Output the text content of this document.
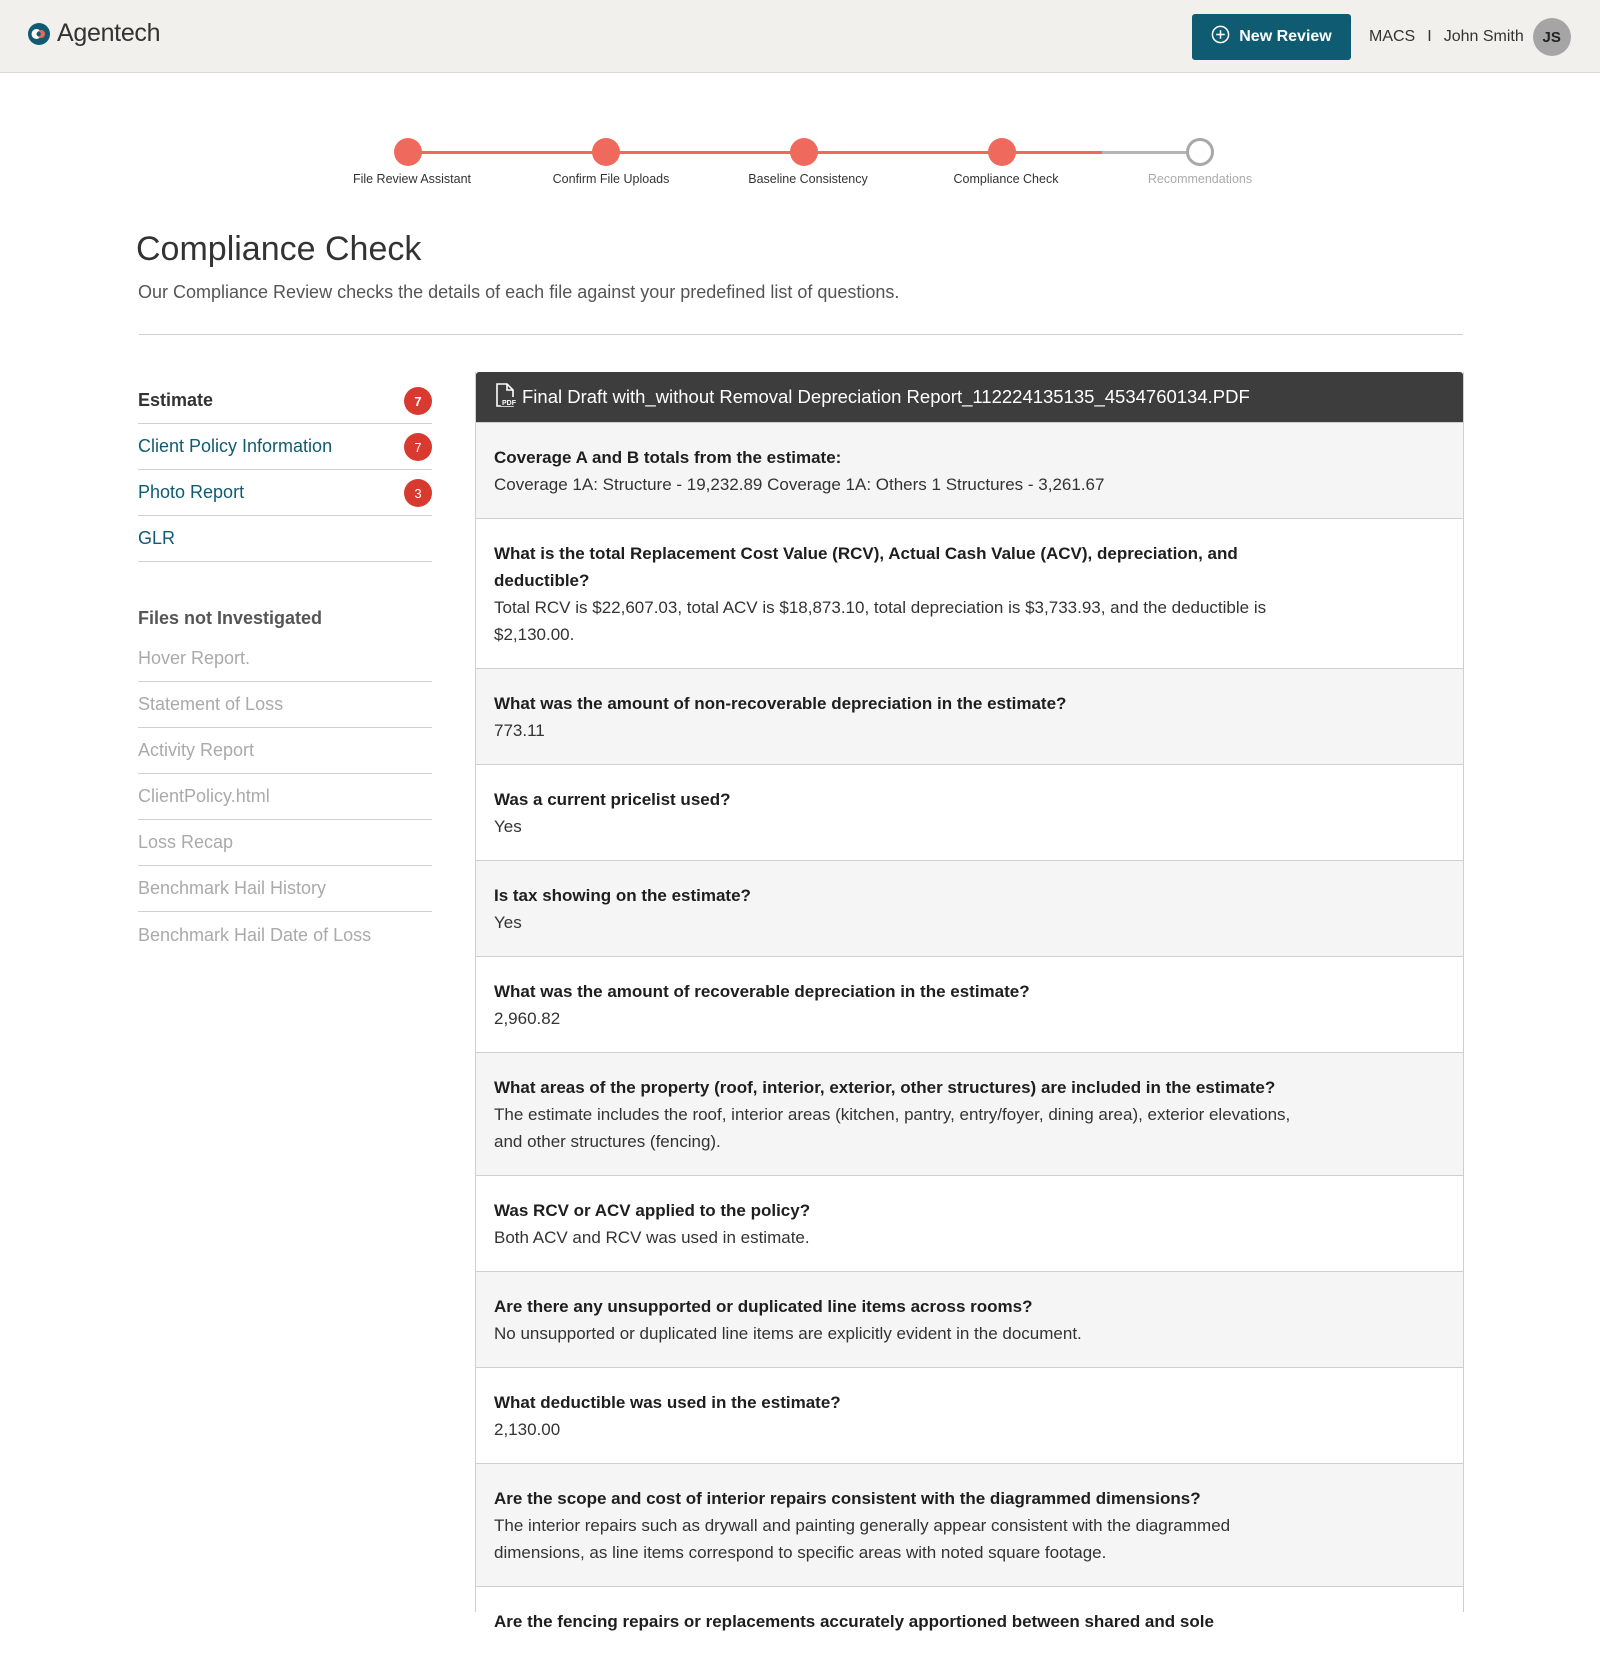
Agentech	New Review MACS I John Smith	JS
File Review Assistant	Confirm File Uploads	Baseline Consistency	Compliance Check	Recommendations
Compliance Check

Our Compliance Review checks the details of each file against your predefined list of questions.

Estimate	7
Client Policy Information	7
Photo Report	3
GLR
Files not Investigated
Hover Report.
Statement of Loss
Activity Report
ClientPolicy.html
Loss Recap
Benchmark Hail History
Benchmark Hail Date of Loss
PDF Final Draft with_without Removal Depreciation Report_112224135135_4534760134.PDF
Coverage A and B totals from the estimate:
Coverage 1A: Structure - 19,232.89 Coverage 1A: Others 1 Structures - 3,261.67
What is the total Replacement Cost Value (RCV), Actual Cash Value (ACV), depreciation, and deductible?
Total RCV is $22,607.03, total ACV is $18,873.10, total depreciation is $3,733.93, and the deductible is $2,130.00.
What was the amount of non-recoverable depreciation in the estimate?
773.11
Was a current pricelist used?
Yes
Is tax showing on the estimate?
Yes
What was the amount of recoverable depreciation in the estimate?
2,960.82
What areas of the property (roof, interior, exterior, other structures) are included in the estimate?
The estimate includes the roof, interior areas (kitchen, pantry, entry/foyer, dining area), exterior elevations, and other structures (fencing).
Was RCV or ACV applied to the policy?
Both ACV and RCV was used in estimate.
Are there any unsupported or duplicated line items across rooms?
No unsupported or duplicated line items are explicitly evident in the document.
What deductible was used in the estimate?
2,130.00
Are the scope and cost of interior repairs consistent with the diagrammed dimensions?
The interior repairs such as drywall and painting generally appear consistent with the diagrammed dimensions, as line items correspond to specific areas with noted square footage.
Are the fencing repairs or replacements accurately apportioned between shared and sole
